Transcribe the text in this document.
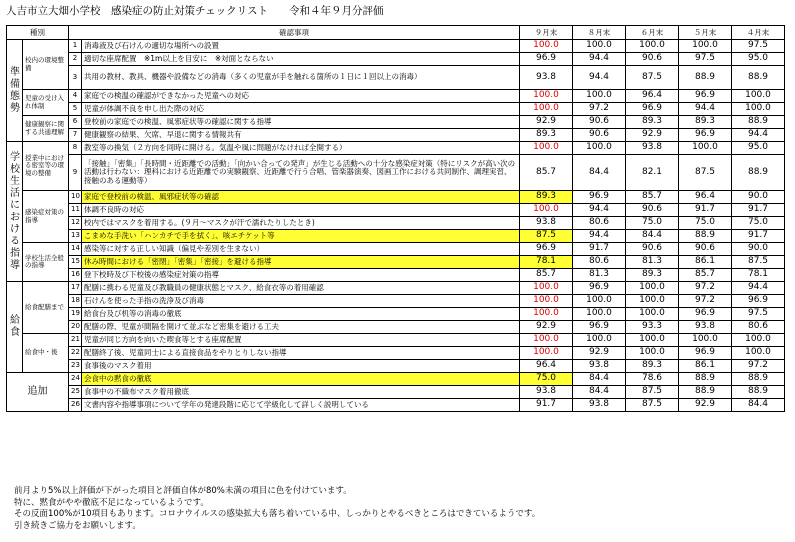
人吉市立大畑小学校　感染症の防止対策チェックリスト　　令和４年９月分評価
種別		確認事項		９月末	８月末	６月末	５月末	４月末
準備態勢	校内の環境整備	1	消毒液及び石けんの適切な場所への設置	100.0	100.0	100.0	100.0	97.5
		2	適切な座席配置　※1m以上を目安に　※対面とならない	96.9	94.4	90.6	97.5	95.0
		3	共用の教材、教具、機器や設備などの消毒（多くの児童が手を触れる箇所の１日に１回以上の消毒）	93.8	94.4	87.5	88.9	88.9
	児童の受け入れ体制	4	家庭での検温の確認ができなかった児童への対応	100.0	100.0	96.4	96.9	100.0
		5	児童が体調不良を申し出た際の対応	100.0	97.2	96.9	94.4	100.0
	健康観察に関する共通理解	6	登校前の家庭での検温、風邪症状等の確認に関する指導	92.9	90.6	89.3	89.3	88.9
		7	健康観察の結果、欠席、早退に関する情報共有	89.3	90.6	92.9	96.9	94.4
学校生活における指導	授業中における密室等の環境の整備	8	教室等の換気（２方向を同時に開ける。気温や風に問題がなければ全開する）	100.0	100.0	93.8	100.0	95.0
		9	「接触」「密集」「長時間・近距離での活動」「向かい合っての発声」が生じる活動への十分な感染症対策（特にリスクが高い次の活動は行わない：理科における近距離での実験観察、近距離で行う合唱、管楽器演奏、図画工作における共同制作、調理実習、接触のある運動等）	85.7	84.4	82.1	87.5	88.9
	感染症対策の指導	10	家庭で登校前の検温、風邪症状等の確認	89.3	96.9	85.7	96.4	90.0
		11	体調不良時の対応	100.0	94.4	90.6	91.7	91.7
		12	校内ではマスクを着用する。(９月～マスクが汗で濡れたりしたとき)	93.8	80.6	75.0	75.0	75.0
		13	こまめな手洗い「ハンカチで手を拭く」、咳エチケット等	87.5	94.4	84.4	88.9	91.7
	学校生活全般の指導	14	感染等に対する正しい知識（偏見や差別を生まない）	96.9	91.7	90.6	90.6	90.0
		15	休み時間における「密閉」「密集」「密接」を避ける指導	78.1	80.6	81.3	86.1	87.5
		16	登下校時及び下校後の感染症対策の指導	85.7	81.3	89.3	85.7	78.1
給食	給食配膳まで	17	配膳に携わる児童及び教職員の健康状態とマスク、給食衣等の着用確認	100.0	96.9	100.0	97.2	94.4
		18	石けんを使った手指の洗浄及び消毒	100.0	100.0	100.0	97.2	96.9
		19	給食台及び机等の消毒の徹底	100.0	100.0	100.0	96.9	97.5
		20	配膳の際、児童が間隔を開けて並ぶなど密集を避ける工夫	92.9	96.9	93.3	93.8	80.6
	給食中・後	21	児童が同じ方向を向いた喫食等とする座席配置	100.0	100.0	100.0	100.0	100.0
		22	配膳終了後、児童同士による直接食品をやりとりしない指導	100.0	92.9	100.0	96.9	100.0
		23	食事後のマスク着用	96.4	93.8	89.3	86.1	97.2
追加		24	会食中の黙食の徹底	75.0	84.4	78.6	88.9	88.9
		25	食事中の不織布マスク着用徹底	93.8	84.4	87.5	88.9	88.9
		26	文書内容や指導事項について学年の発達段階に応じて学級化して詳しく説明している	91.7	93.8	87.5	92.9	84.4
前月より5%以上評価が下がった項目と評価自体が80%未満の項目に色を付けています。
特に、黙食がやや徹底不足になっているようです。
その反面100%が10項目もあります。コロナウイルスの感染拡大も落ち着いている中、しっかりとやるべきところはできているようです。
引き続きご協力をお願いします。
